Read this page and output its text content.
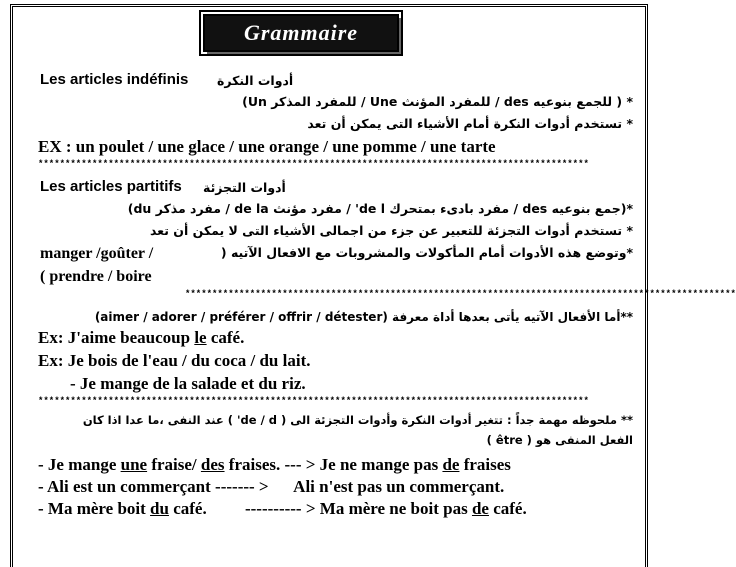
Grammaire
Les articles indéfinis أدوات النكرة
* ( للجمع بنوعيه des / للمفرد المؤنث Une / للمفرد المذكر Un)
* تستخدم أدوات النكرة أمام الأشياء التى يمكن أن تعد
EX : un poulet / une glace / une orange / une pomme / une tarte
******************************************************************************************************
Les articles partitifs أدوات التجزئة
*(جمع بنوعيه des / مفرد بادىء بمتحرك de l' / مفرد مؤنث de la / مفرد مذكر du)
* تستخدم أدوات التجزئة للتعبير عن جزء من اجمالى الأشياء التى لا يمكن أن تعد
*وتوضع هذه الأدوات أمام المأكولات والمشروبات مع الافعال الآتيه (
manger /goûter /
( prendre / boire
******************************************************************************************************
**أما الأفعال الآتيه يأتى بعدها أداة معرفة (aimer / adorer / préférer / offrir / détester)
Ex: J'aime beaucoup le café.
Ex: Je bois de l'eau / du coca / du lait.
- Je mange de la salade et du riz.
******************************************************************************************************
** ملحوظه مهمة جداً : تتغير أدوات النكرة وأدوات التجزئة الى ( de / d' ) عند النفى ،ما عدا اذا كان
الفعل المنفى هو ( être )
- Je mange une fraise/ des fraises. --- > Je ne mange pas de fraises
- Ali est un commerçant ------- >      Ali n'est pas un commerçant.
- Ma mère boit du café.         ---------- > Ma mère ne boit pas de café.
